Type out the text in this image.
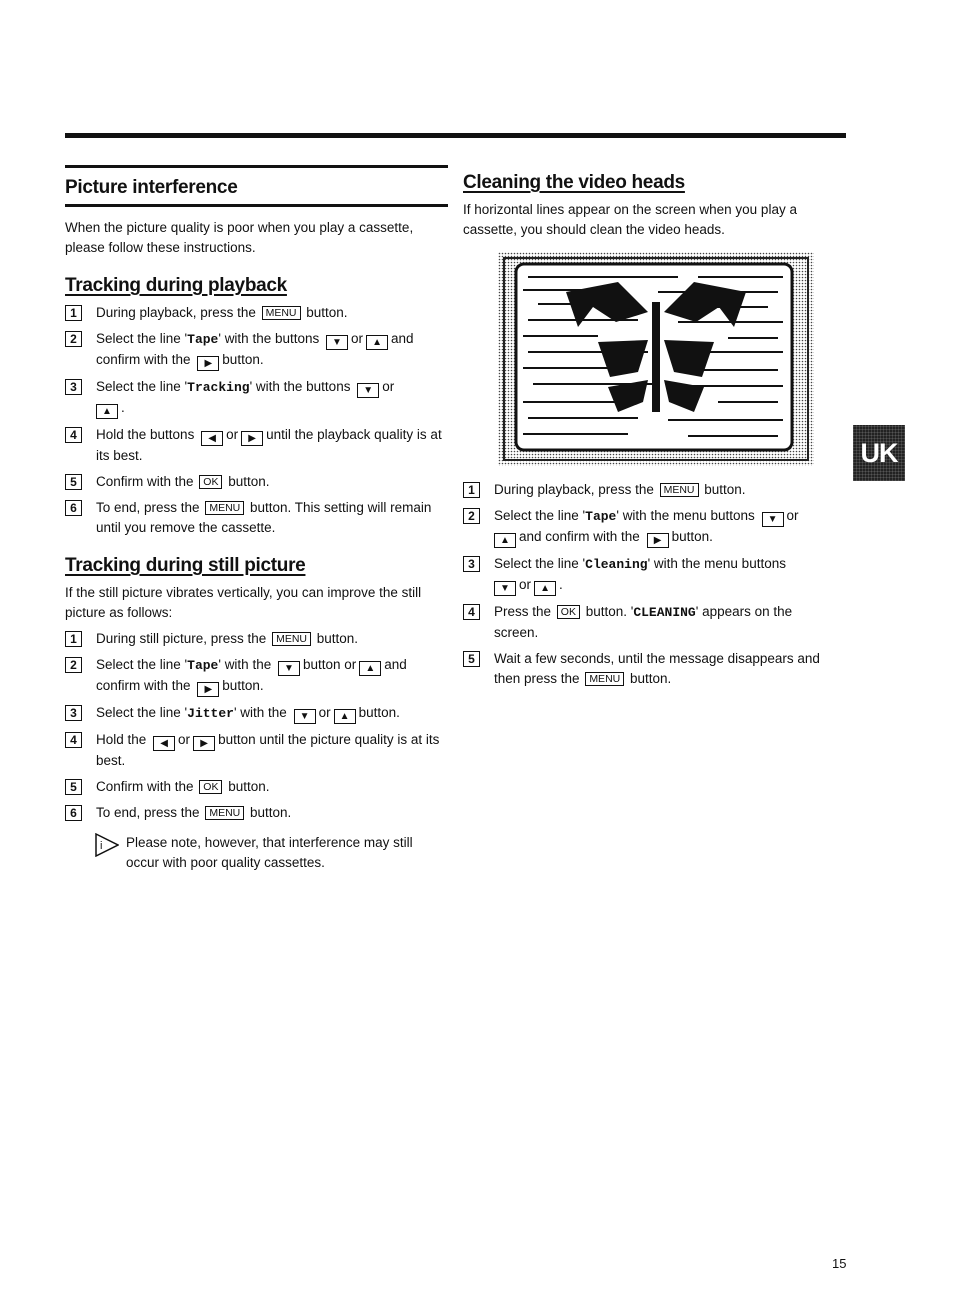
Picture interference

When the picture quality is poor when you play a cassette, please follow these instructions.

Tracking during playback
1	During playback, press the MENU button.
2	Select the line 'Tape' with the buttons ▼ or ▲ and confirm with the ▶ button.
3	Select the line 'Tracking' with the buttons ▼ or
▲ .
4	Hold the buttons ◀ or ▶ until the playback quality is at its best.
5	Confirm with the OK button.
6	To end, press the MENU button. This setting will remain until you remove the cassette.
Tracking during still picture

If the still picture vibrates vertically, you can improve the still picture as follows:

1	During still picture, press the MENU button.
2	Select the line 'Tape' with the ▼ button or ▲ and confirm with the ▶ button.
3	Select the line 'Jitter' with the ▼ or ▲ button.
4	Hold the ◀ or ▶ button until the picture quality is at its best.
5	Confirm with the OK button.
6	To end, press the MENU button.
i Please note, however, that interference may still occur with poor quality cassettes.
Cleaning the video heads

If horizontal lines appear on the screen when you play a cassette, you should clean the video heads.

1	During playback, press the MENU button.
2	Select the line 'Tape' with the menu buttons ▼ or
▲ and confirm with the ▶ button.
3	Select the line 'Cleaning' with the menu buttons
▼ or ▲ .
4	Press the OK button. 'CLEANING' appears on the screen.
5	Wait a few seconds, until the message disappears and then press the MENU button.
UK
15
